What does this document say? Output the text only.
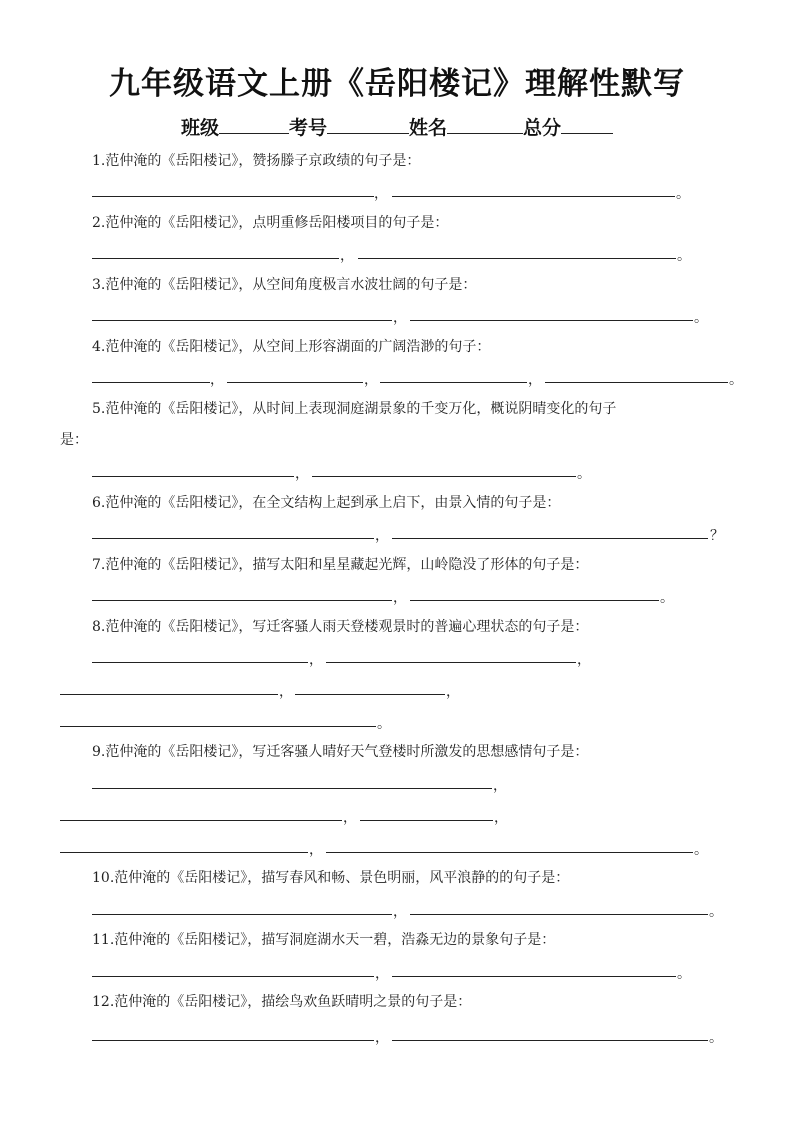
九年级语文上册《岳阳楼记》理解性默写
班级	考号	姓名	总分
1.范仲淹的《岳阳楼记》，赞扬滕子京政绩的句子是：
，	。
2.范仲淹的《岳阳楼记》，点明重修岳阳楼项目的句子是：
，	。
3.范仲淹的《岳阳楼记》，从空间角度极言水波壮阔的句子是：
，	。
4.范仲淹的《岳阳楼记》，从空间上形容湖面的广阔浩渺的句子：
，	，	，	。
5.范仲淹的《岳阳楼记》，从时间上表现洞庭湖景象的千变万化，概说阴晴变化的句子
是：
，	。
6.范仲淹的《岳阳楼记》，在全文结构上起到承上启下，由景入情的句子是：
，	？
7.范仲淹的《岳阳楼记》，描写太阳和星星藏起光辉，山岭隐没了形体的句子是：
，	。
8.范仲淹的《岳阳楼记》，写迁客骚人雨天登楼观景时的普遍心理状态的句子是：
，	，
，	，
。
9.范仲淹的《岳阳楼记》，写迁客骚人晴好天气登楼时所激发的思想感情句子是：
，
，	，
，	。
10.范仲淹的《岳阳楼记》，描写春风和畅、景色明丽，风平浪静的的句子是：
，	。
11.范仲淹的《岳阳楼记》，描写洞庭湖水天一碧，浩淼无边的景象句子是：
，	。
12.范仲淹的《岳阳楼记》，描绘鸟欢鱼跃晴明之景的句子是：
，	。
